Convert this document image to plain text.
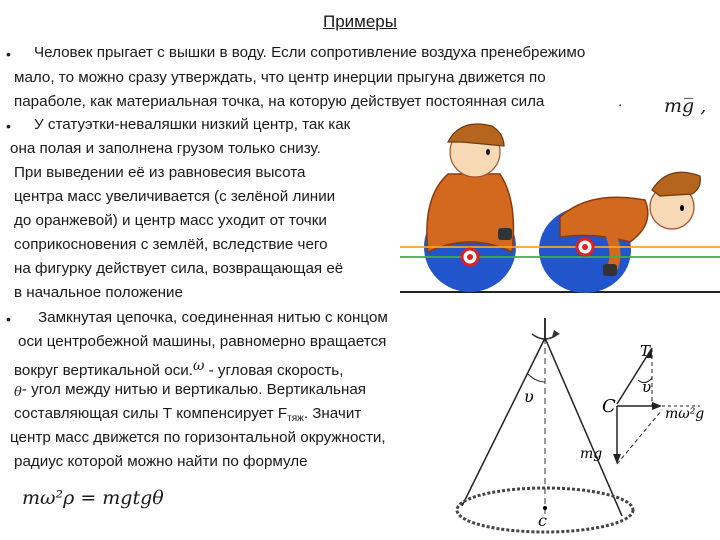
Примеры
• Человек прыгает с вышки в воду. Если сопротивление воздуха пренебрежимо
мало, то можно сразу утверждать, что центр инерции прыгуна движется по
параболе, как материальная точка, на которую действует постоянная сила	. mg̅ ,
• У статуэтки-неваляшки низкий центр, так как
она полая и заполнена грузом только снизу.
При выведении её из равновесия высота
центра масс увеличивается (с зелёной линии
до оранжевой) и центр масс уходит от точки
соприкосновения с землёй, вследствие чего
на фигурку действует сила, возвращающая её
в начальное положение
• Замкнутая цепочка, соединенная нитью с концом
оси центробежной машины, равномерно вращается
вокруг вертикальной оси.ω - угловая скорость,
θ- угол между нитью и вертикалью. Вертикальная
составляющая силы Т компенсирует $F_{тяж}$. Значит
центр масс движется по горизонтальной окружности,
радиус которой можно найти по формуле
mω²ρ = mgtgθ
υ
c
T
υ
C	mω²g
mg
